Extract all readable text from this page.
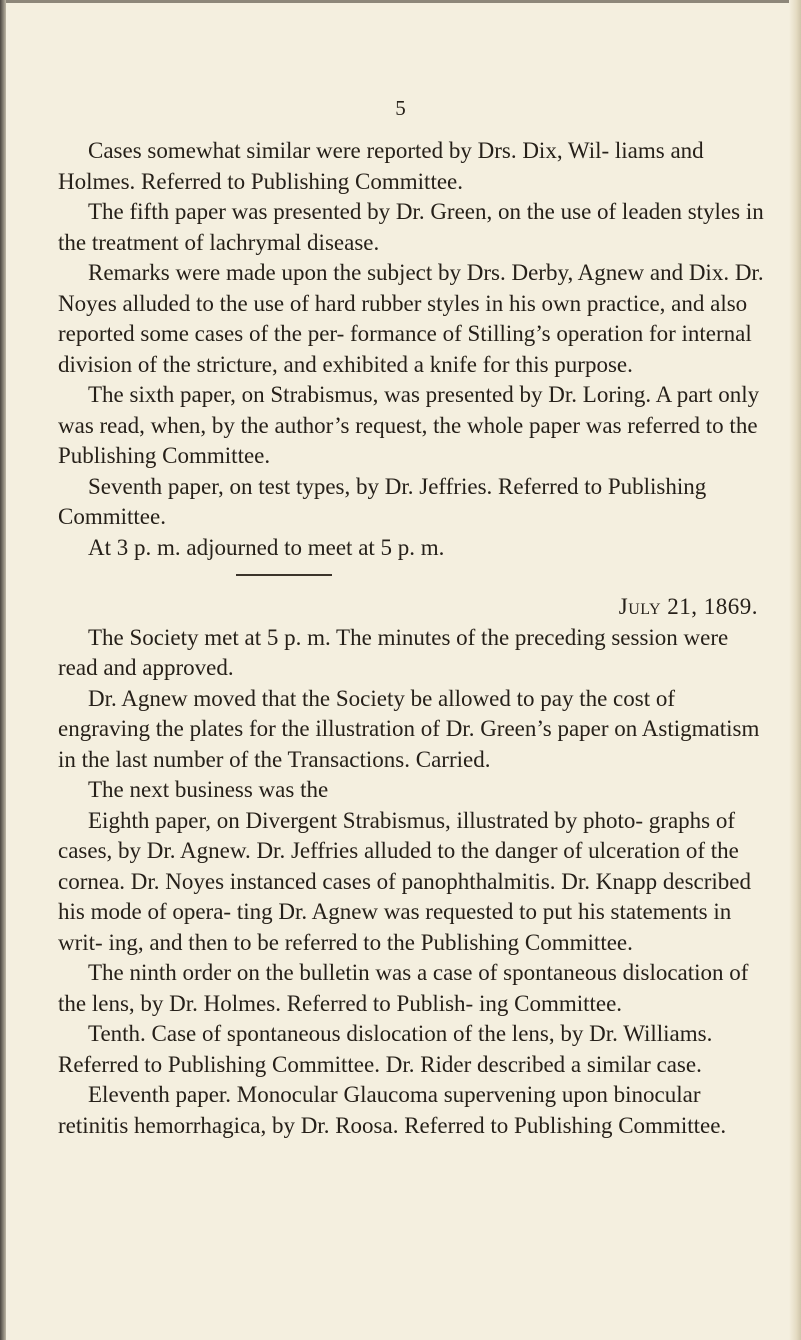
5

Cases somewhat similar were reported by Drs. Dix, Wil- liams and Holmes. Referred to Publishing Committee.

The fifth paper was presented by Dr. Green, on the use of leaden styles in the treatment of lachrymal disease.

Remarks were made upon the subject by Drs. Derby, Agnew and Dix. Dr. Noyes alluded to the use of hard rubber styles in his own practice, and also reported some cases of the per- formance of Stilling’s operation for internal division of the stricture, and exhibited a knife for this purpose.

The sixth paper, on Strabismus, was presented by Dr. Loring. A part only was read, when, by the author’s request, the whole paper was referred to the Publishing Committee.

Seventh paper, on test types, by Dr. Jeffries. Referred to Publishing Committee.

At 3 p. m. adjourned to meet at 5 p. m.

July 21, 1869.

The Society met at 5 p. m. The minutes of the preceding session were read and approved.

Dr. Agnew moved that the Society be allowed to pay the cost of engraving the plates for the illustration of Dr. Green’s paper on Astigmatism in the last number of the Transactions. Carried.

The next business was the

Eighth paper, on Divergent Strabismus, illustrated by photo- graphs of cases, by Dr. Agnew. Dr. Jeffries alluded to the danger of ulceration of the cornea. Dr. Noyes instanced cases of panophthalmitis. Dr. Knapp described his mode of opera- ting Dr. Agnew was requested to put his statements in writ- ing, and then to be referred to the Publishing Committee.

The ninth order on the bulletin was a case of spontaneous dislocation of the lens, by Dr. Holmes. Referred to Publish- ing Committee.

Tenth. Case of spontaneous dislocation of the lens, by Dr. Williams. Referred to Publishing Committee. Dr. Rider described a similar case.

Eleventh paper. Monocular Glaucoma supervening upon binocular retinitis hemorrhagica, by Dr. Roosa. Referred to Publishing Committee.
